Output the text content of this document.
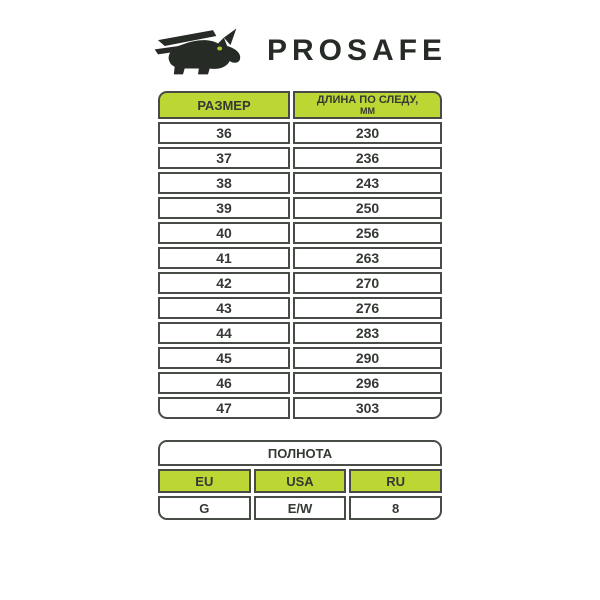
PROSAFE
РАЗМЕР	ДЛИНА ПО СЛЕДУ,
ММ

36	230
37	236
38	243
39	250
40	256
41	263
42	270
43	276
44	283
45	290
46	296
47	303
ПОЛНОТА		
EU	USA	RU
G	E/W	8
